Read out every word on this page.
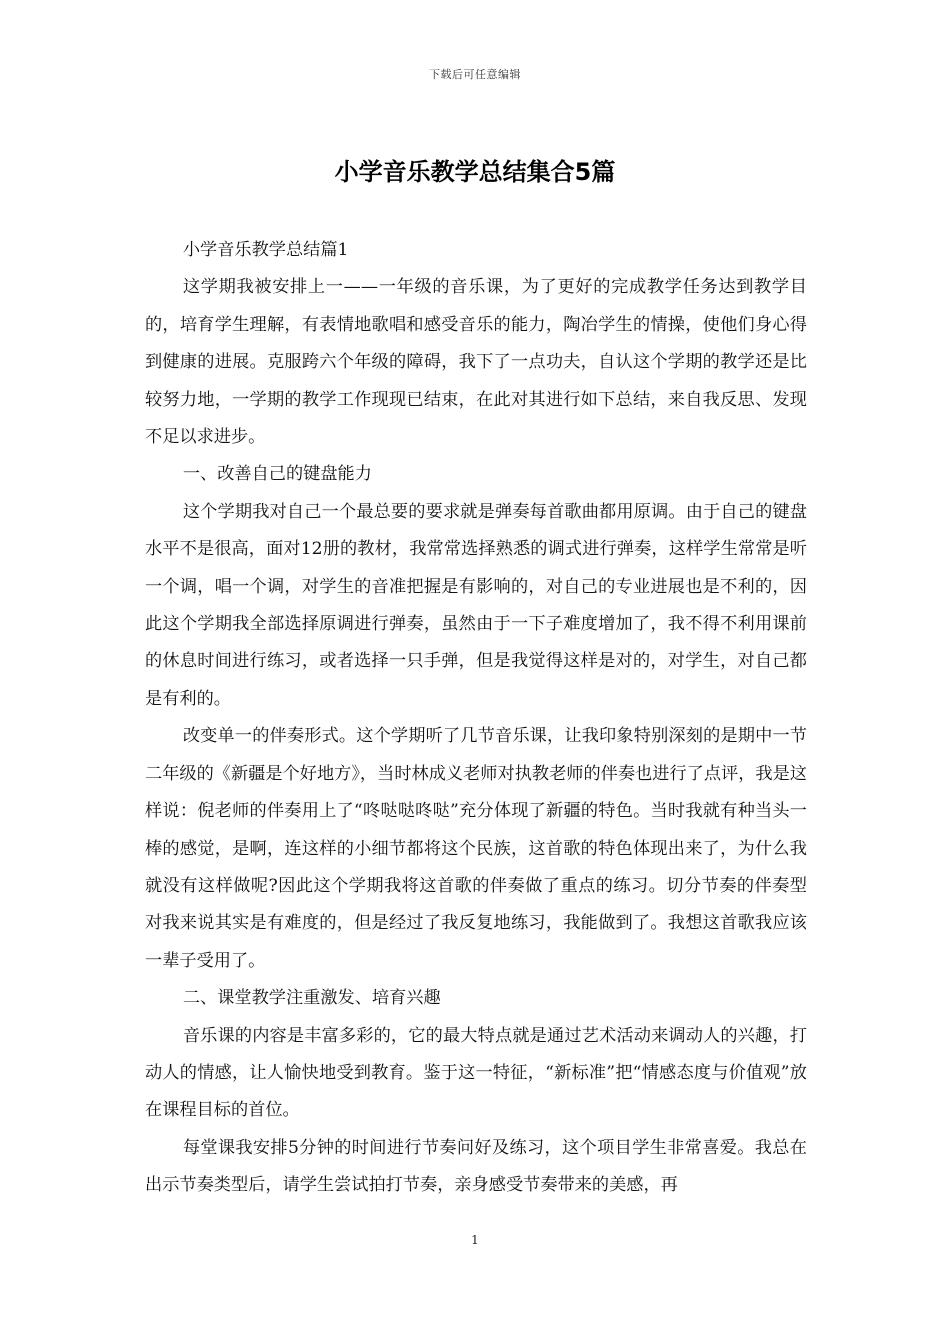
下载后可任意编辑
小学音乐教学总结集合5篇

小学音乐教学总结篇1

这学期我被安排上一——一年级的音乐课，为了更好的完成教学任务达到教学目的，培育学生理解，有表情地歌唱和感受音乐的能力，陶冶学生的情操，使他们身心得到健康的进展。克服跨六个年级的障碍，我下了一点功夫，自认这个学期的教学还是比较努力地，一学期的教学工作现现已结束，在此对其进行如下总结，来自我反思、发现不足以求进步。

一、改善自己的键盘能力

这个学期我对自己一个最总要的要求就是弹奏每首歌曲都用原调。由于自己的键盘水平不是很高，面对12册的教材，我常常选择熟悉的调式进行弹奏，这样学生常常是听一个调，唱一个调，对学生的音准把握是有影响的，对自己的专业进展也是不利的，因此这个学期我全部选择原调进行弹奏，虽然由于一下子难度增加了，我不得不利用课前的休息时间进行练习，或者选择一只手弹，但是我觉得这样是对的，对学生，对自己都是有利的。

改变单一的伴奏形式。这个学期听了几节音乐课，让我印象特别深刻的是期中一节二年级的《新疆是个好地方》，当时林成义老师对执教老师的伴奏也进行了点评，我是这样说：倪老师的伴奏用上了“咚哒哒咚哒”充分体现了新疆的特色。当时我就有种当头一棒的感觉，是啊，连这样的小细节都将这个民族，这首歌的特色体现出来了，为什么我就没有这样做呢?因此这个学期我将这首歌的伴奏做了重点的练习。切分节奏的伴奏型对我来说其实是有难度的，但是经过了我反复地练习，我能做到了。我想这首歌我应该一辈子受用了。

二、课堂教学注重激发、培育兴趣

音乐课的内容是丰富多彩的，它的最大特点就是通过艺术活动来调动人的兴趣，打动人的情感，让人愉快地受到教育。鉴于这一特征，“新标准”把“情感态度与价值观”放在课程目标的首位。

每堂课我安排5分钟的时间进行节奏问好及练习，这个项目学生非常喜爱。我总在出示节奏类型后，请学生尝试拍打节奏，亲身感受节奏带来的美感，再

1
